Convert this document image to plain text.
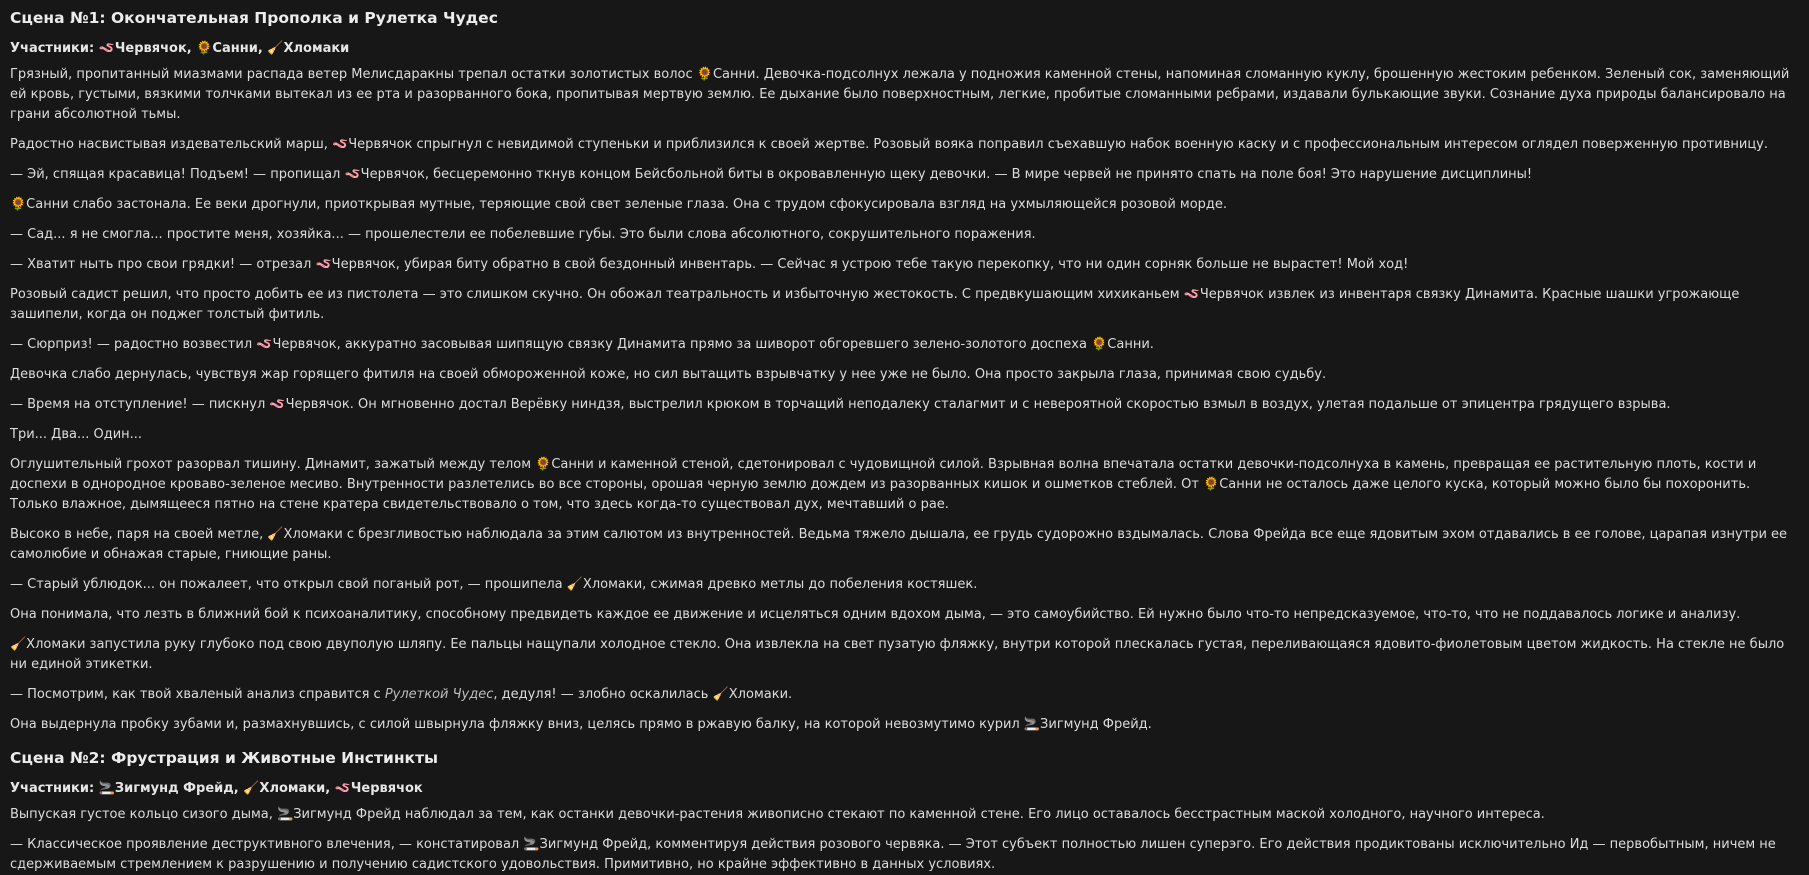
Сцена №1: Окончательная Прополка и Рулетка Чудес

Участники: 🪱Червячок, 🌻Санни, 🧹Хломаки

Грязный, пропитанный миазмами распада ветер Мелисдаракны трепал остатки золотистых волос 🌻Санни. Девочка-подсолнух лежала у подножия каменной стены, напоминая сломанную куклу, брошенную жестоким ребенком. Зеленый сок, заменяющий ей кровь, густыми, вязкими толчками вытекал из ее рта и разорванного бока, пропитывая мертвую землю. Ее дыхание было поверхностным, легкие, пробитые сломанными ребрами, издавали булькающие звуки. Сознание духа природы балансировало на грани абсолютной тьмы.

Радостно насвистывая издевательский марш, 🪱Червячок спрыгнул с невидимой ступеньки и приблизился к своей жертве. Розовый вояка поправил съехавшую набок военную каску и с профессиональным интересом оглядел поверженную противницу.

— Эй, спящая красавица! Подъем! — пропищал 🪱Червячок, бесцеремонно ткнув концом Бейсбольной биты в окровавленную щеку девочки. — В мире червей не принято спать на поле боя! Это нарушение дисциплины!

🌻Санни слабо застонала. Ее веки дрогнули, приоткрывая мутные, теряющие свой свет зеленые глаза. Она с трудом сфокусировала взгляд на ухмыляющейся розовой морде.

— Сад... я не смогла... простите меня, хозяйка... — прошелестели ее побелевшие губы. Это были слова абсолютного, сокрушительного поражения.

— Хватит ныть про свои грядки! — отрезал 🪱Червячок, убирая биту обратно в свой бездонный инвентарь. — Сейчас я устрою тебе такую перекопку, что ни один сорняк больше не вырастет! Мой ход!

Розовый садист решил, что просто добить ее из пистолета — это слишком скучно. Он обожал театральность и избыточную жестокость. С предвкушающим хихиканьем 🪱Червячок извлек из инвентаря связку Динамита. Красные шашки угрожающе зашипели, когда он поджег толстый фитиль.

— Сюрприз! — радостно возвестил 🪱Червячок, аккуратно засовывая шипящую связку Динамита прямо за шиворот обгоревшего зелено-золотого доспеха 🌻Санни.

Девочка слабо дернулась, чувствуя жар горящего фитиля на своей обмороженной коже, но сил вытащить взрывчатку у нее уже не было. Она просто закрыла глаза, принимая свою судьбу.

— Время на отступление! — пискнул 🪱Червячок. Он мгновенно достал Верёвку ниндзя, выстрелил крюком в торчащий неподалеку сталагмит и с невероятной скоростью взмыл в воздух, улетая подальше от эпицентра грядущего взрыва.

Три... Два... Один...

Оглушительный грохот разорвал тишину. Динамит, зажатый между телом 🌻Санни и каменной стеной, сдетонировал с чудовищной силой. Взрывная волна впечатала остатки девочки-подсолнуха в камень, превращая ее растительную плоть, кости и доспехи в однородное кроваво-зеленое месиво. Внутренности разлетелись во все стороны, орошая черную землю дождем из разорванных кишок и ошметков стеблей. От 🌻Санни не осталось даже целого куска, который можно было бы похоронить. Только влажное, дымящееся пятно на стене кратера свидетельствовало о том, что здесь когда-то существовал дух, мечтавший о рае.

Высоко в небе, паря на своей метле, 🧹Хломаки с брезгливостью наблюдала за этим салютом из внутренностей. Ведьма тяжело дышала, ее грудь судорожно вздымалась. Слова Фрейда все еще ядовитым эхом отдавались в ее голове, царапая изнутри ее самолюбие и обнажая старые, гниющие раны.

— Старый ублюдок... он пожалеет, что открыл свой поганый рот, — прошипела 🧹Хломаки, сжимая древко метлы до побеления костяшек.

Она понимала, что лезть в ближний бой к психоаналитику, способному предвидеть каждое ее движение и исцеляться одним вдохом дыма, — это самоубийство. Ей нужно было что-то непредсказуемое, что-то, что не поддавалось логике и анализу.

🧹Хломаки запустила руку глубоко под свою двуполую шляпу. Ее пальцы нащупали холодное стекло. Она извлекла на свет пузатую фляжку, внутри которой плескалась густая, переливающаяся ядовито-фиолетовым цветом жидкость. На стекле не было ни единой этикетки.

— Посмотрим, как твой хваленый анализ справится с Рулеткой Чудес, дедуля! — злобно оскалилась 🧹Хломаки.

Она выдернула пробку зубами и, размахнувшись, с силой швырнула фляжку вниз, целясь прямо в ржавую балку, на которой невозмутимо курил 🚬Зигмунд Фрейд.

Сцена №2: Фрустрация и Животные Инстинкты

Участники: 🚬Зигмунд Фрейд, 🧹Хломаки, 🪱Червячок

Выпуская густое кольцо сизого дыма, 🚬Зигмунд Фрейд наблюдал за тем, как останки девочки-растения живописно стекают по каменной стене. Его лицо оставалось бесстрастным маской холодного, научного интереса.

— Классическое проявление деструктивного влечения, — констатировал 🚬Зигмунд Фрейд, комментируя действия розового червяка. — Этот субъект полностью лишен суперэго. Его действия продиктованы исключительно Ид — первобытным, ничем не сдерживаемым стремлением к разрушению и получению садистского удовольствия. Примитивно, но крайне эффективно в данных условиях.
